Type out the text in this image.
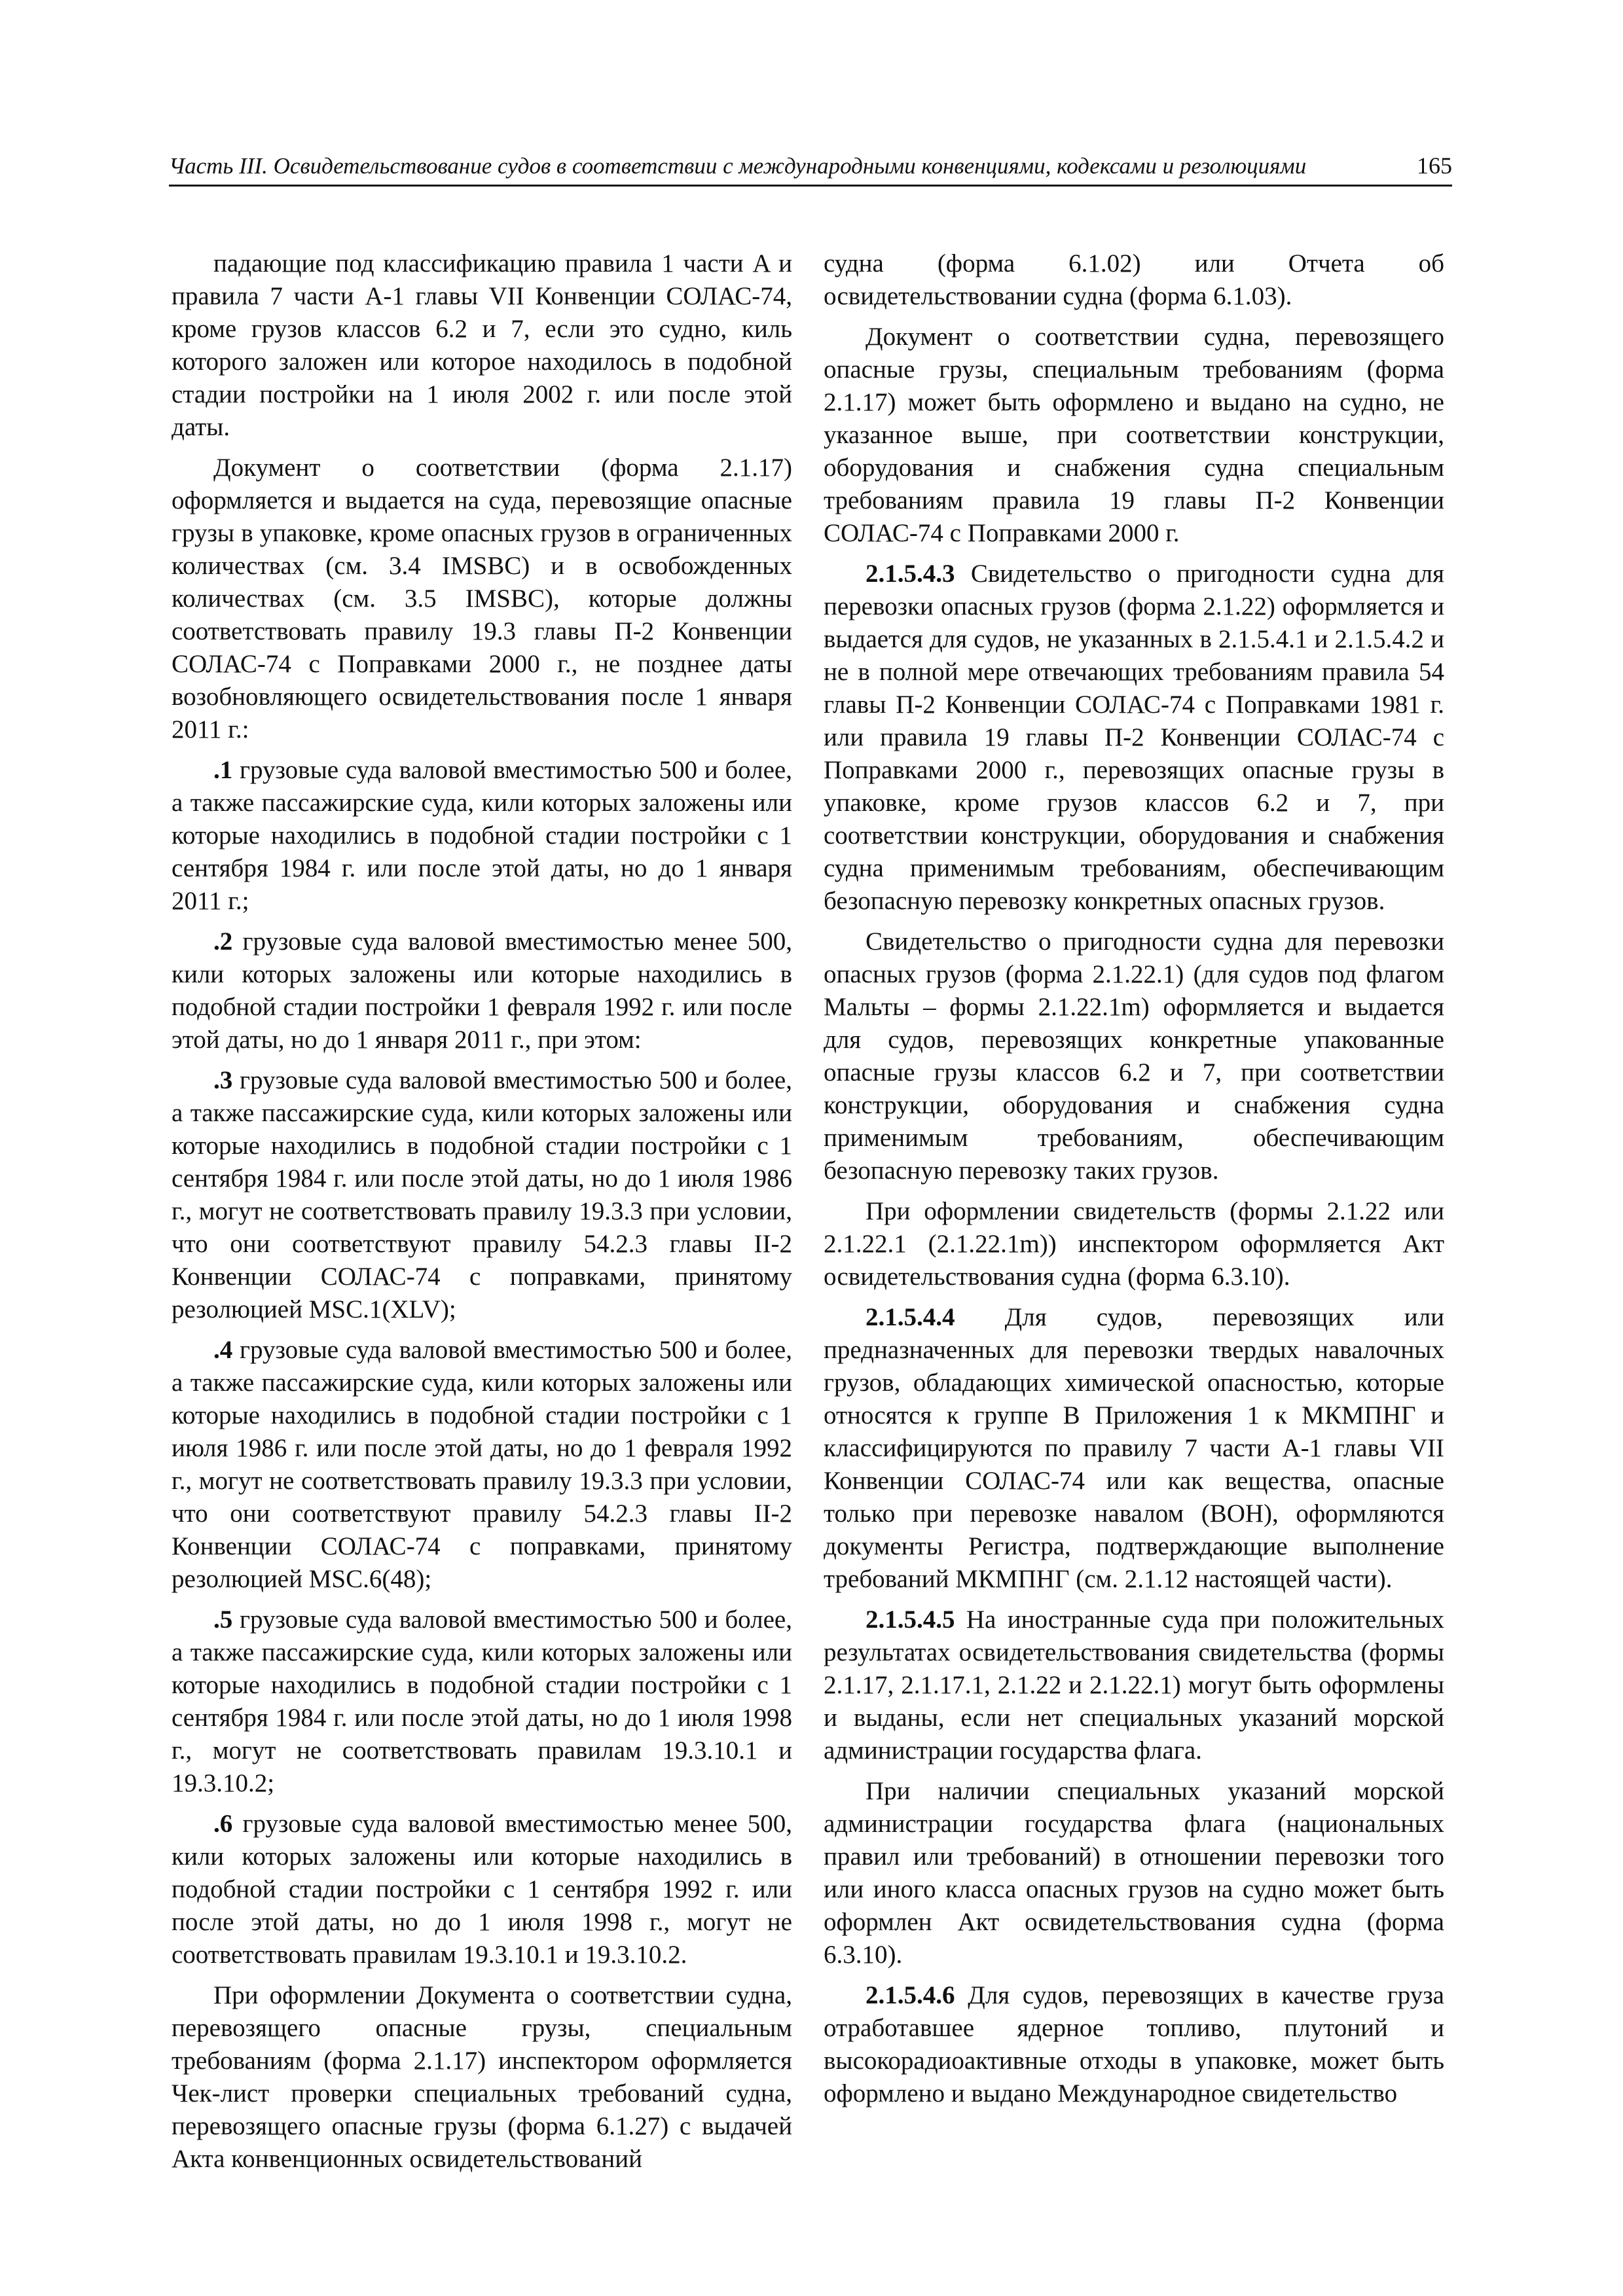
Часть III. Освидетельствование судов в соответствии с международными конвенциями, кодексами и резолюциями	165

падающие под классификацию правила 1 части A и правила 7 части A-1 главы VII Конвенции СОЛАС-74, кроме грузов классов 6.2 и 7, если это судно, киль которого заложен или которое находилось в подобной стадии постройки на 1 июля 2002 г. или после этой даты.

Документ о соответствии (форма 2.1.17) оформляется и выдается на суда, перевозящие опасные грузы в упаковке, кроме опасных грузов в ограниченных количествах (см. 3.4 IMSBC) и в освобожденных количествах (см. 3.5 IMSBC), которые должны соответствовать правилу 19.3 главы П-2 Конвенции СОЛАС-74 с Поправками 2000 г., не позднее даты возобновляющего освидетельствования после 1 января 2011 г.:

.1 грузовые суда валовой вместимостью 500 и более, а также пассажирские суда, кили которых заложены или которые находились в подобной стадии постройки с 1 сентября 1984 г. или после этой даты, но до 1 января 2011 г.;

.2 грузовые суда валовой вместимостью менее 500, кили которых заложены или которые находились в подобной стадии постройки 1 февраля 1992 г. или после этой даты, но до 1 января 2011 г., при этом:

.3 грузовые суда валовой вместимостью 500 и более, а также пассажирские суда, кили которых заложены или которые находились в подобной стадии постройки с 1 сентября 1984 г. или после этой даты, но до 1 июля 1986 г., могут не соответствовать правилу 19.3.3 при условии, что они соответствуют правилу 54.2.3 главы II-2 Конвенции СОЛАС-74 с поправками, принятому резолюцией MSC.1(XLV);

.4 грузовые суда валовой вместимостью 500 и более, а также пассажирские суда, кили которых заложены или которые находились в подобной стадии постройки с 1 июля 1986 г. или после этой даты, но до 1 февраля 1992 г., могут не соответствовать правилу 19.3.3 при условии, что они соответствуют правилу 54.2.3 главы II-2 Конвенции СОЛАС-74 с поправками, принятому резолюцией MSC.6(48);

.5 грузовые суда валовой вместимостью 500 и более, а также пассажирские суда, кили которых заложены или которые находились в подобной стадии постройки с 1 сентября 1984 г. или после этой даты, но до 1 июля 1998 г., могут не соответствовать правилам 19.3.10.1 и 19.3.10.2;

.6 грузовые суда валовой вместимостью менее 500, кили которых заложены или которые находились в подобной стадии постройки с 1 сентября 1992 г. или после этой даты, но до 1 июля 1998 г., могут не соответствовать правилам 19.3.10.1 и 19.3.10.2.

При оформлении Документа о соответствии судна, перевозящего опасные грузы, специальным требованиям (форма 2.1.17) инспектором оформляется Чек-лист проверки специальных требований судна, перевозящего опасные грузы (форма 6.1.27) с выдачей Акта конвенционных освидетельствований

судна (форма 6.1.02) или Отчета об освидетельствовании судна (форма 6.1.03).

Документ о соответствии судна, перевозящего опасные грузы, специальным требованиям (форма 2.1.17) может быть оформлено и выдано на судно, не указанное выше, при соответствии конструкции, оборудования и снабжения судна специальным требованиям правила 19 главы П-2 Конвенции СОЛАС-74 с Поправками 2000 г.

2.1.5.4.3 Свидетельство о пригодности судна для перевозки опасных грузов (форма 2.1.22) оформляется и выдается для судов, не указанных в 2.1.5.4.1 и 2.1.5.4.2 и не в полной мере отвечающих требованиям правила 54 главы П-2 Конвенции СОЛАС-74 с Поправками 1981 г. или правила 19 главы П-2 Конвенции СОЛАС-74 с Поправками 2000 г., перевозящих опасные грузы в упаковке, кроме грузов классов 6.2 и 7, при соответствии конструкции, оборудования и снабжения судна применимым требованиям, обеспечивающим безопасную перевозку конкретных опасных грузов.

Свидетельство о пригодности судна для перевозки опасных грузов (форма 2.1.22.1) (для судов под флагом Мальты – формы 2.1.22.1m) оформляется и выдается для судов, перевозящих конкретные упакованные опасные грузы классов 6.2 и 7, при соответствии конструкции, оборудования и снабжения судна применимым требованиям, обеспечивающим безопасную перевозку таких грузов.

При оформлении свидетельств (формы 2.1.22 или 2.1.22.1 (2.1.22.1m)) инспектором оформляется Акт освидетельствования судна (форма 6.3.10).

2.1.5.4.4 Для судов, перевозящих или предназначенных для перевозки твердых навалочных грузов, обладающих химической опасностью, которые относятся к группе B Приложения 1 к МКМПНГ и классифицируются по правилу 7 части A-1 главы VII Конвенции СОЛАС-74 или как вещества, опасные только при перевозке навалом (ВОН), оформляются документы Регистра, подтверждающие выполнение требований МКМПНГ (см. 2.1.12 настоящей части).

2.1.5.4.5 На иностранные суда при положительных результатах освидетельствования свидетельства (формы 2.1.17, 2.1.17.1, 2.1.22 и 2.1.22.1) могут быть оформлены и выданы, если нет специальных указаний морской администрации государства флага.

При наличии специальных указаний морской администрации государства флага (национальных правил или требований) в отношении перевозки того или иного класса опасных грузов на судно может быть оформлен Акт освидетельствования судна (форма 6.3.10).

2.1.5.4.6 Для судов, перевозящих в качестве груза отработавшее ядерное топливо, плутоний и высокорадиоактивные отходы в упаковке, может быть оформлено и выдано Международное свидетельство
